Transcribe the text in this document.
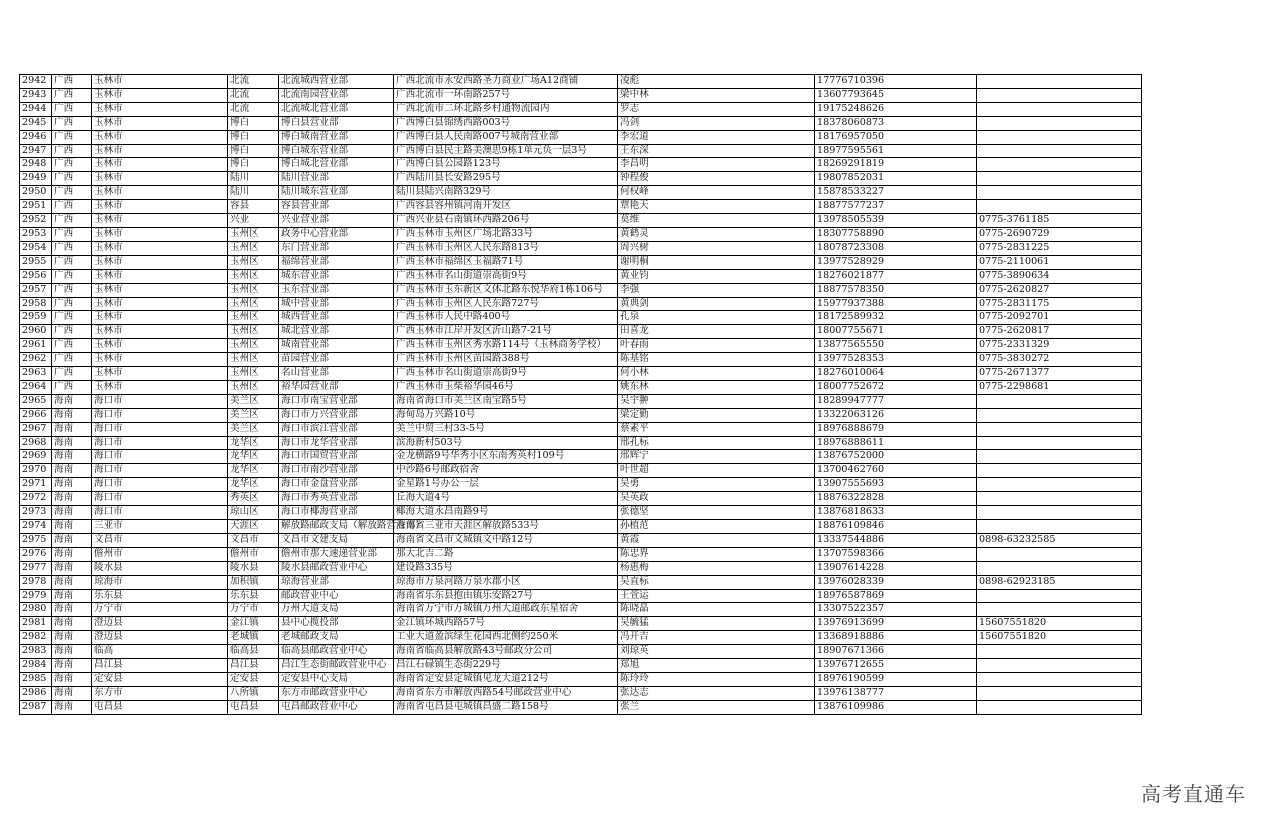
2942	广西	玉林市	北流	北流城西营业部	广西北流市永安西路圣力商业广场A12商铺	凌彪	17776710396	
2943	广西	玉林市	北流	北流南园营业部	广西北流市一环南路257号	梁中林	13607793645	
2944	广西	玉林市	北流	北流城北营业部	广西北流市二环北路乡村通物流园内	罗志	19175248626	
2945	广西	玉林市	博白	博白县营业部	广西博白县锦绣西路003号	冯剑	18378060873	
2946	广西	玉林市	博白	博白城南营业部	广西博白县人民南路007号城南营业部	李宏道	18176957050	
2947	广西	玉林市	博白	博白城东营业部	广西博白县民主路美澳思9栋1单元负一层3号	王东深	18977595561	
2948	广西	玉林市	博白	博白城北营业部	广西博白县公园路123号	李昌明	18269291819	
2949	广西	玉林市	陆川	陆川营业部	广西陆川县长安路295号	钟程俊	19807852031	
2950	广西	玉林市	陆川	陆川城东营业部	陆川县陆兴南路329号	何权峰	15878533227	
2951	广西	玉林市	容县	容县营业部	广西容县容州镇河南开发区	覃艳天	18877577237	
2952	广西	玉林市	兴业	兴业营业部	广西兴业县石南镇环西路206号	莫维	13978505539	0775-3761185
2953	广西	玉林市	玉州区	政务中心营业部	广西玉林市玉州区广场北路33号	黄鹤灵	18307758890	0775-2690729
2954	广西	玉林市	玉州区	东门营业部	广西玉林市玉州区人民东路813号	周兴树	18078723308	0775-2831225
2955	广西	玉林市	玉州区	福绵营业部	广西玉林市福绵区玉福路71号	谢明桐	13977528929	0775-2110061
2956	广西	玉林市	玉州区	城东营业部	广西玉林市名山街道崇高街9号	黄业钧	18276021877	0775-3890634
2957	广西	玉林市	玉州区	玉东营业部	广西玉林市玉东新区文体北路东悦华府1栋106号	李强	18877578350	0775-2620827
2958	广西	玉林市	玉州区	城中营业部	广西玉林市玉州区人民东路727号	黄典剑	15977937388	0775-2831175
2959	广西	玉林市	玉州区	城西营业部	广西玉林市人民中路400号	孔泉	18172589932	0775-2092701
2960	广西	玉林市	玉州区	城北营业部	广西玉林市江岸开发区沂山路7-21号	田喜龙	18007755671	0775-2620817
2961	广西	玉林市	玉州区	城南营业部	广西玉林市玉州区秀水路114号（玉林商务学校）	叶春雨	13877565550	0775-2331329
2962	广西	玉林市	玉州区	苗园营业部	广西玉林市玉州区苗园路388号	陈基铭	13977528353	0775-3830272
2963	广西	玉林市	玉州区	名山营业部	广西玉林市名山街道崇高街9号	何小林	18276010064	0775-2671377
2964	广西	玉林市	玉州区	裕华园营业部	广西玉林市玉柴裕华园46号	姚东林	18007752672	0775-2298681
2965	海南	海口市	美兰区	海口市南宝营业部	海南省海口市美兰区南宝路5号	吴宇翀	18289947777	
2966	海南	海口市	美兰区	海口市万兴营业部	海甸岛万兴路10号	梁定勤	13322063126	
2967	海南	海口市	美兰区	海口市滨江营业部	美兰中贸三村33-5号	蔡素平	18976888679	
2968	海南	海口市	龙华区	海口市龙华营业部	滨海新村503号	邢孔标	18976888611	
2969	海南	海口市	龙华区	海口市国贸营业部	金龙横路9号华秀小区东南秀英村109号	邢辉宁	13876752000	
2970	海南	海口市	龙华区	海口市南沙营业部	中沙路6号邮政宿舍	叶世超	13700462760	
2971	海南	海口市	龙华区	海口市金盘营业部	金星路1号办公一层	吴勇	13907555693	
2972	海南	海口市	秀英区	海口市秀英营业部	丘海大道4号	吴英政	18876322828	
2973	海南	海口市	琼山区	海口市椰海营业部	椰海大道永昌南路9号	张德坚	13876818633	
2974	海南	三亚市	天涯区	解放路邮政支局（解放路营业部）	海南省三亚市天涯区解放路533号	孙植范	18876109846	
2975	海南	文昌市	文昌市	文昌市文建支局	海南省文昌市文城镇文中路12号	黄霞	13337544886	0898-63232585
2976	海南	儋州市	儋州市	儋州市那大速递营业部	那大北吉二路	陈忠界	13707598366	
2977	海南	陵水县	陵水县	陵水县邮政营业中心	建设路335号	杨惠梅	13907614228	
2978	海南	琼海市	加积镇	琼海营业部	琼海市万泉河路万泉水郡小区	吴直标	13976028339	0898-62923185
2979	海南	乐东县	乐东县	邮政营业中心	海南省乐东县抱由镇乐安路27号	王萱运	18976587869	
2980	海南	万宁市	万宁市	万州大道支局	海南省万宁市万城镇万州大道邮政东星宿舍	陈晓晶	13307522357	
2981	海南	澄迈县	金江镇	县中心揽投部	金江镇环城西路57号	吴毓猛	13976913699	15607551820
2982	海南	澄迈县	老城镇	老城邮政支局	工业大道盈滨绿生花园西北侧约250米	冯开吉	13368918886	15607551820
2983	海南	临高	临高县	临高县邮政营业中心	海南省临高县解放路43号邮政分公司	刘琼英	18907671366	
2984	海南	昌江县	昌江县	昌江生态街邮政营业中心	昌江石碌镇生态街229号	郑旭	13976712655	
2985	海南	定安县	定安县	定安县中心支局	海南省定安县定城镇见龙大道212号	陈玲玲	18976190599	
2986	海南	东方市	八所镇	东方市邮政营业中心	海南省东方市解放西路54号邮政营业中心	张达志	13976138777	
2987	海南	屯昌县	屯昌县	屯昌邮政营业中心	海南省屯昌县屯城镇昌盛二路158号	张兰	13876109986	
高考直通车
